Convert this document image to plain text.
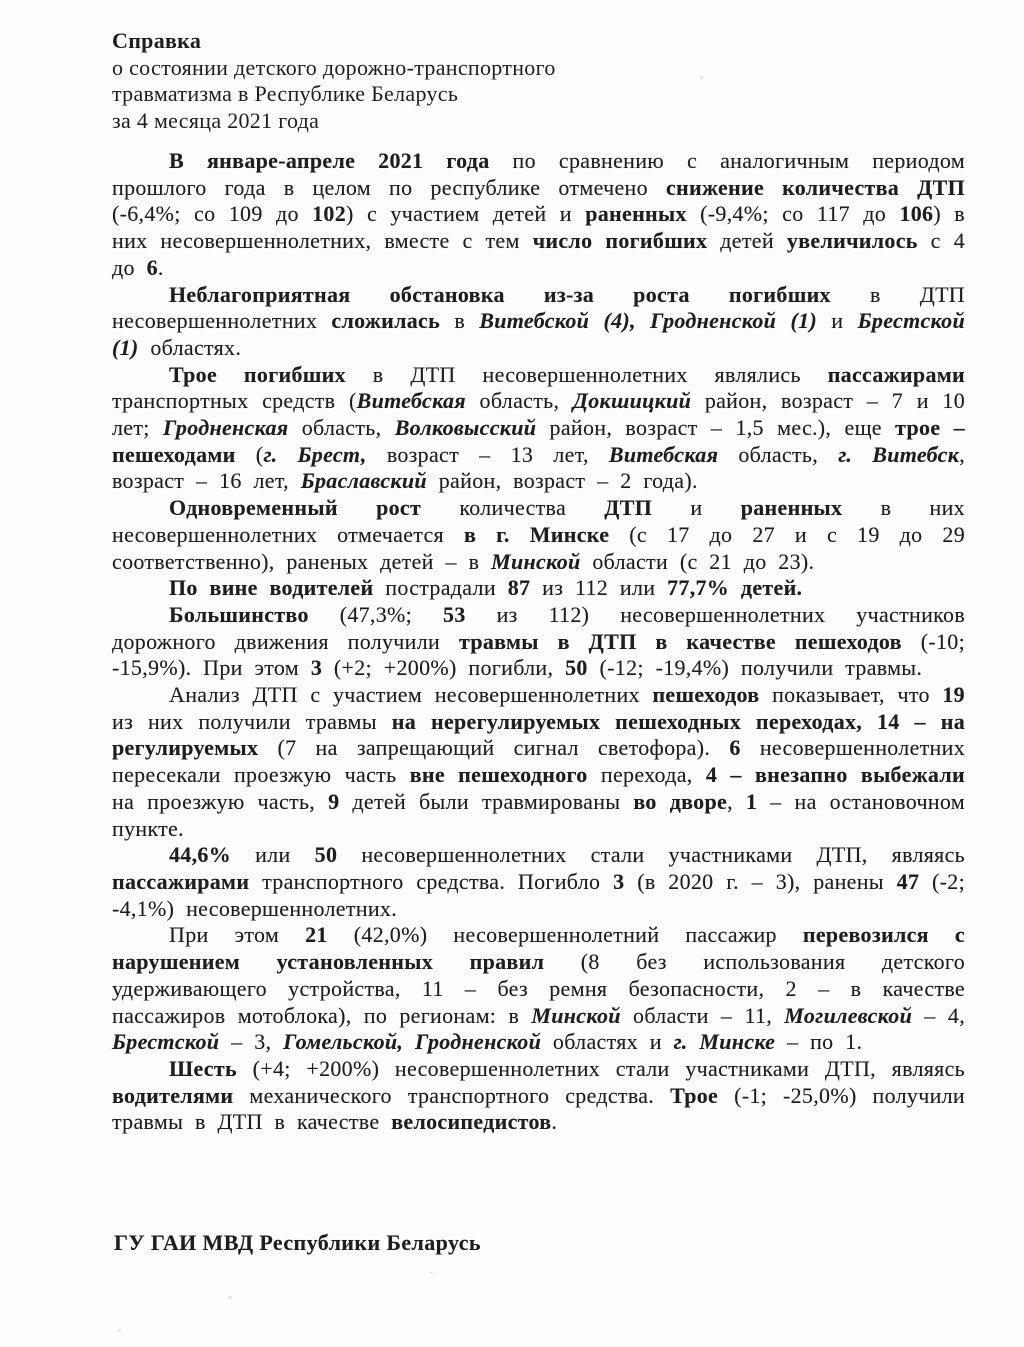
Справка
о состоянии детского дорожно-транспортного
травматизма в Республике Беларусь
за 4 месяца 2021 года

В январе-апреле 2021 года по сравнению с аналогичным периодом прошлого года в целом по республике отмечено снижение количества ДТП (-6,4%; со 109 до 102) с участием детей и раненных (-9,4%; со 117 до 106) в них несовершеннолетних, вместе с тем число погибших детей увеличилось с 4 до 6.

Неблагоприятная обстановка из-за роста погибших в ДТП несовершеннолетних сложилась в Витебской (4), Гродненской (1) и Брестской (1) областях.

Трое погибших в ДТП несовершеннолетних являлись пассажирами транспортных средств (Витебская область, Докшицкий район, возраст – 7 и 10 лет; Гродненская область, Волковысский район, возраст – 1,5 мес.), еще трое – пешеходами (г. Брест, возраст – 13 лет, Витебская область, г. Витебск, возраст – 16 лет, Браславский район, возраст – 2 года).

Одновременный рост количества ДТП и раненных в них несовершеннолетних отмечается в г. Минске (с 17 до 27 и с 19 до 29 соответственно), раненых детей – в Минской области (с 21 до 23).

По вине водителей пострадали 87 из 112 или 77,7% детей.

Большинство (47,3%; 53 из 112) несовершеннолетних участников дорожного движения получили травмы в ДТП в качестве пешеходов (-10; -15,9%). При этом 3 (+2; +200%) погибли, 50 (-12; -19,4%) получили травмы.

Анализ ДТП с участием несовершеннолетних пешеходов показывает, что 19 из них получили травмы на нерегулируемых пешеходных переходах, 14 – на регулируемых (7 на запрещающий сигнал светофора). 6 несовершеннолетних пересекали проезжую часть вне пешеходного перехода, 4 – внезапно выбежали на проезжую часть, 9 детей были травмированы во дворе, 1 – на остановочном пункте.

44,6% или 50 несовершеннолетних стали участниками ДТП, являясь пассажирами транспортного средства. Погибло 3 (в 2020 г. – 3), ранены 47 (-2; -4,1%) несовершеннолетних.

При этом 21 (42,0%) несовершеннолетний пассажир перевозился с нарушением установленных правил (8 без использования детского удерживающего устройства, 11 – без ремня безопасности, 2 – в качестве пассажиров мотоблока), по регионам: в Минской области – 11, Могилевской – 4, Брестской – 3, Гомельской, Гродненской областях и г. Минске – по 1.

Шесть (+4; +200%) несовершеннолетних стали участниками ДТП, являясь водителями механического транспортного средства. Трое (-1; -25,0%) получили травмы в ДТП в качестве велосипедистов.

ГУ ГАИ МВД Республики Беларусь
